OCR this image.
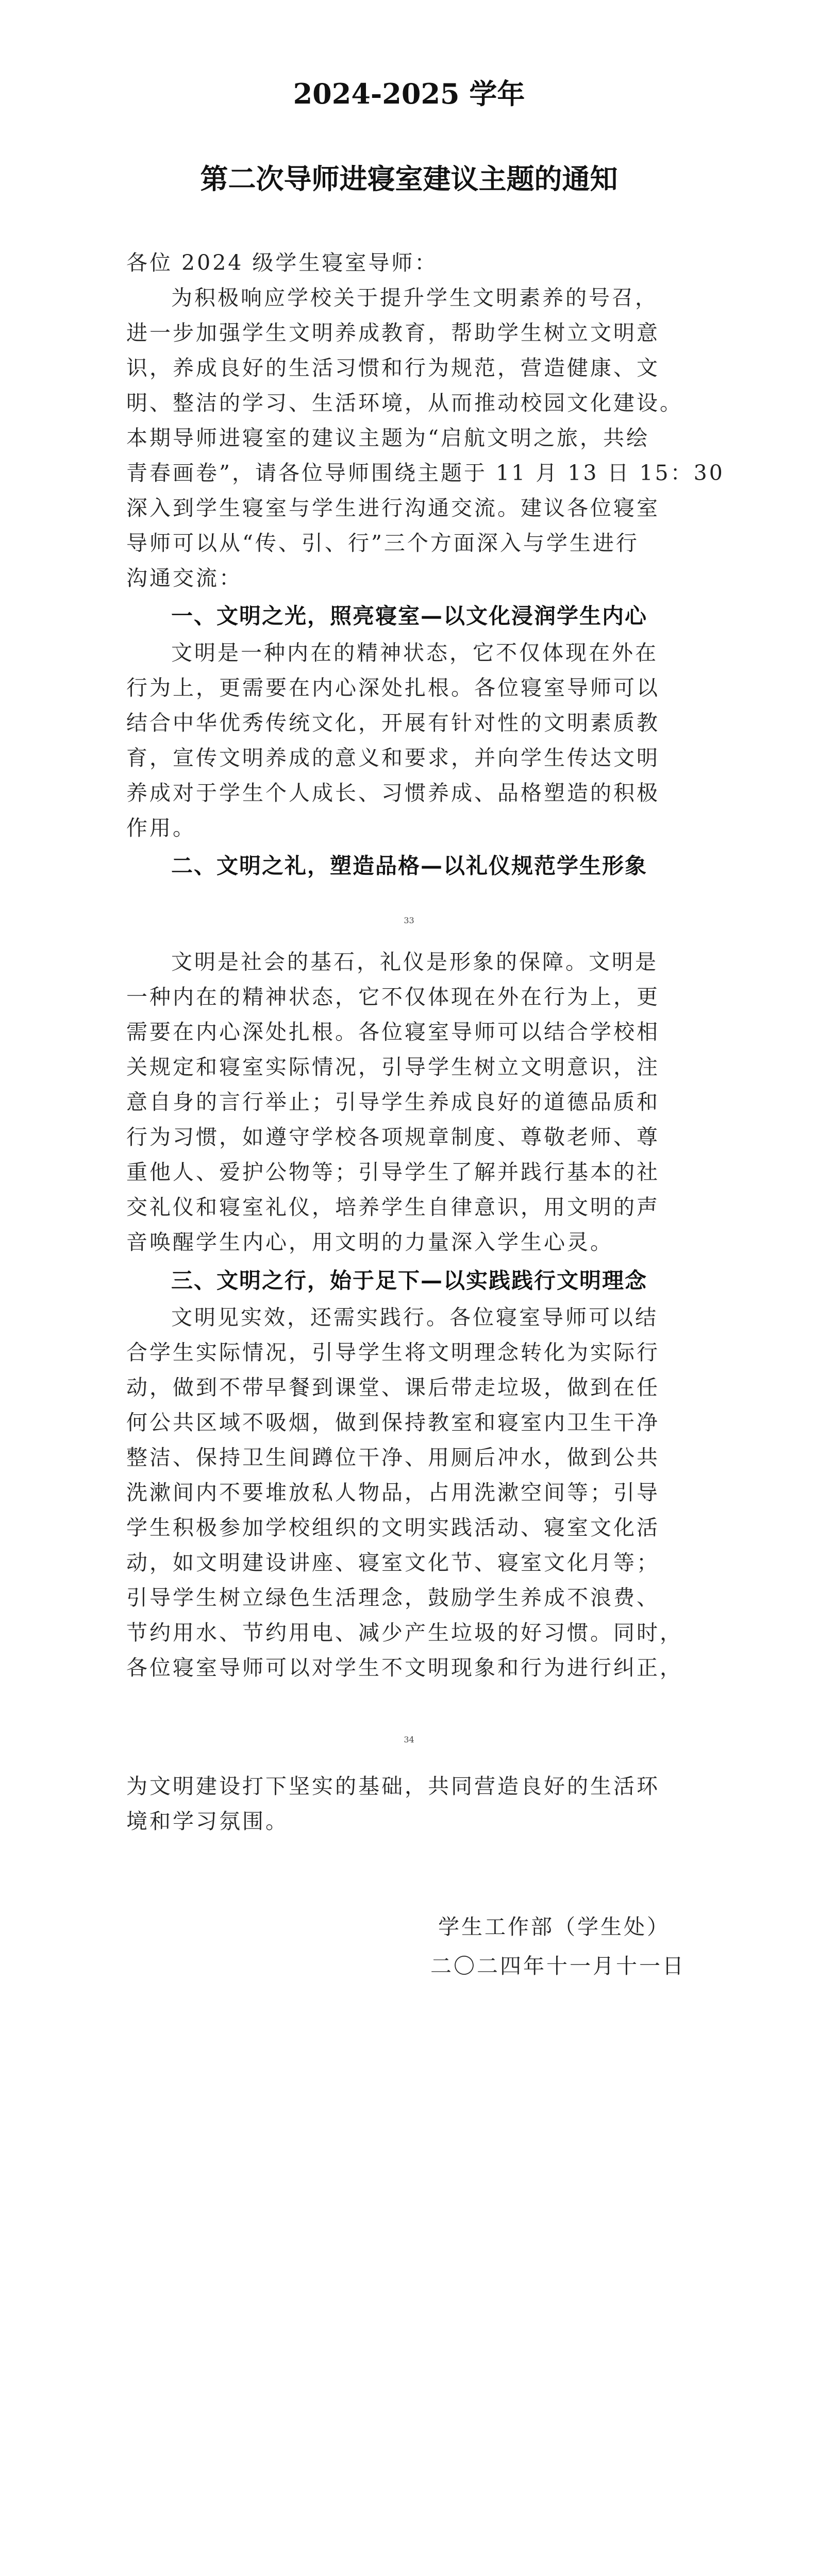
2024-2025 学年
第二次导师进寝室建议主题的通知

各位 2024 级学生寝室导师：

为积极响应学校关于提升学生文明素养的号召，

进一步加强学生文明养成教育，帮助学生树立文明意

识，养成良好的生活习惯和行为规范，营造健康、文

明、整洁的学习、生活环境，从而推动校园文化建设。

本期导师进寝室的建议主题为“启航文明之旅，共绘

青春画卷”，请各位导师围绕主题于 11 月 13 日 15：30

深入到学生寝室与学生进行沟通交流。建议各位寝室

导师可以从“传、引、行”三个方面深入与学生进行

沟通交流：

一、文明之光，照亮寝室—以文化浸润学生内心

文明是一种内在的精神状态，它不仅体现在外在

行为上，更需要在内心深处扎根。各位寝室导师可以

结合中华优秀传统文化，开展有针对性的文明素质教

育，宣传文明养成的意义和要求，并向学生传达文明

养成对于学生个人成长、习惯养成、品格塑造的积极

作用。

二、文明之礼，塑造品格—以礼仪规范学生形象
33

文明是社会的基石，礼仪是形象的保障。文明是

一种内在的精神状态，它不仅体现在外在行为上，更

需要在内心深处扎根。各位寝室导师可以结合学校相

关规定和寝室实际情况，引导学生树立文明意识，注

意自身的言行举止；引导学生养成良好的道德品质和

行为习惯，如遵守学校各项规章制度、尊敬老师、尊

重他人、爱护公物等；引导学生了解并践行基本的社

交礼仪和寝室礼仪，培养学生自律意识，用文明的声

音唤醒学生内心，用文明的力量深入学生心灵。

三、文明之行，始于足下—以实践践行文明理念

文明见实效，还需实践行。各位寝室导师可以结

合学生实际情况，引导学生将文明理念转化为实际行

动，做到不带早餐到课堂、课后带走垃圾，做到在任

何公共区域不吸烟，做到保持教室和寝室内卫生干净

整洁、保持卫生间蹲位干净、用厕后冲水，做到公共

洗漱间内不要堆放私人物品，占用洗漱空间等；引导

学生积极参加学校组织的文明实践活动、寝室文化活

动，如文明建设讲座、寝室文化节、寝室文化月等；

引导学生树立绿色生活理念，鼓励学生养成不浪费、

节约用水、节约用电、减少产生垃圾的好习惯。同时，

各位寝室导师可以对学生不文明现象和行为进行纠正，

34

为文明建设打下坚实的基础，共同营造良好的生活环

境和学习氛围。

学生工作部（学生处）

二〇二四年十一月十一日
